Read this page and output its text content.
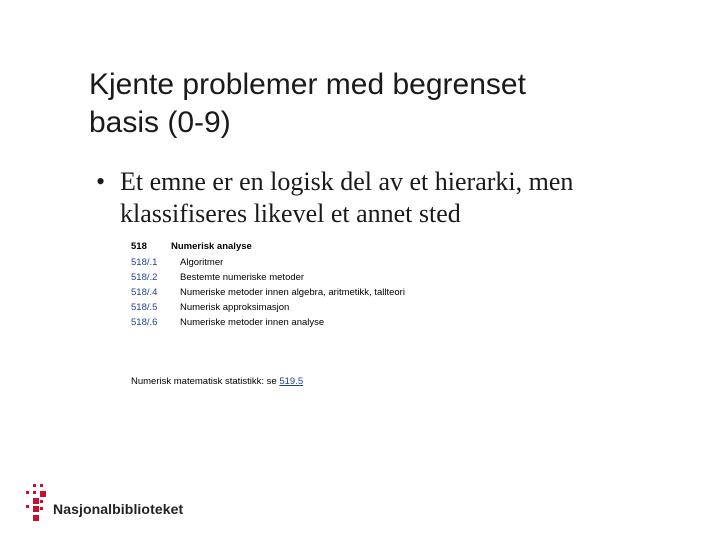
Kjente problemer med begrenset
basis (0-9)
• Et emne er en logisk del av et hierarki, men
klassifiseres likevel et annet sted
518	Numerisk analyse
518/.1 Algoritmer
518/.2 Bestemte numeriske metoder
518/.4 Numeriske metoder innen algebra, aritmetikk, tallteori
518/.5 Numerisk approksimasjon
518/.6 Numeriske metoder innen analyse
Numerisk matematisk statistikk: se 519.5
Nasjonalbiblioteket
